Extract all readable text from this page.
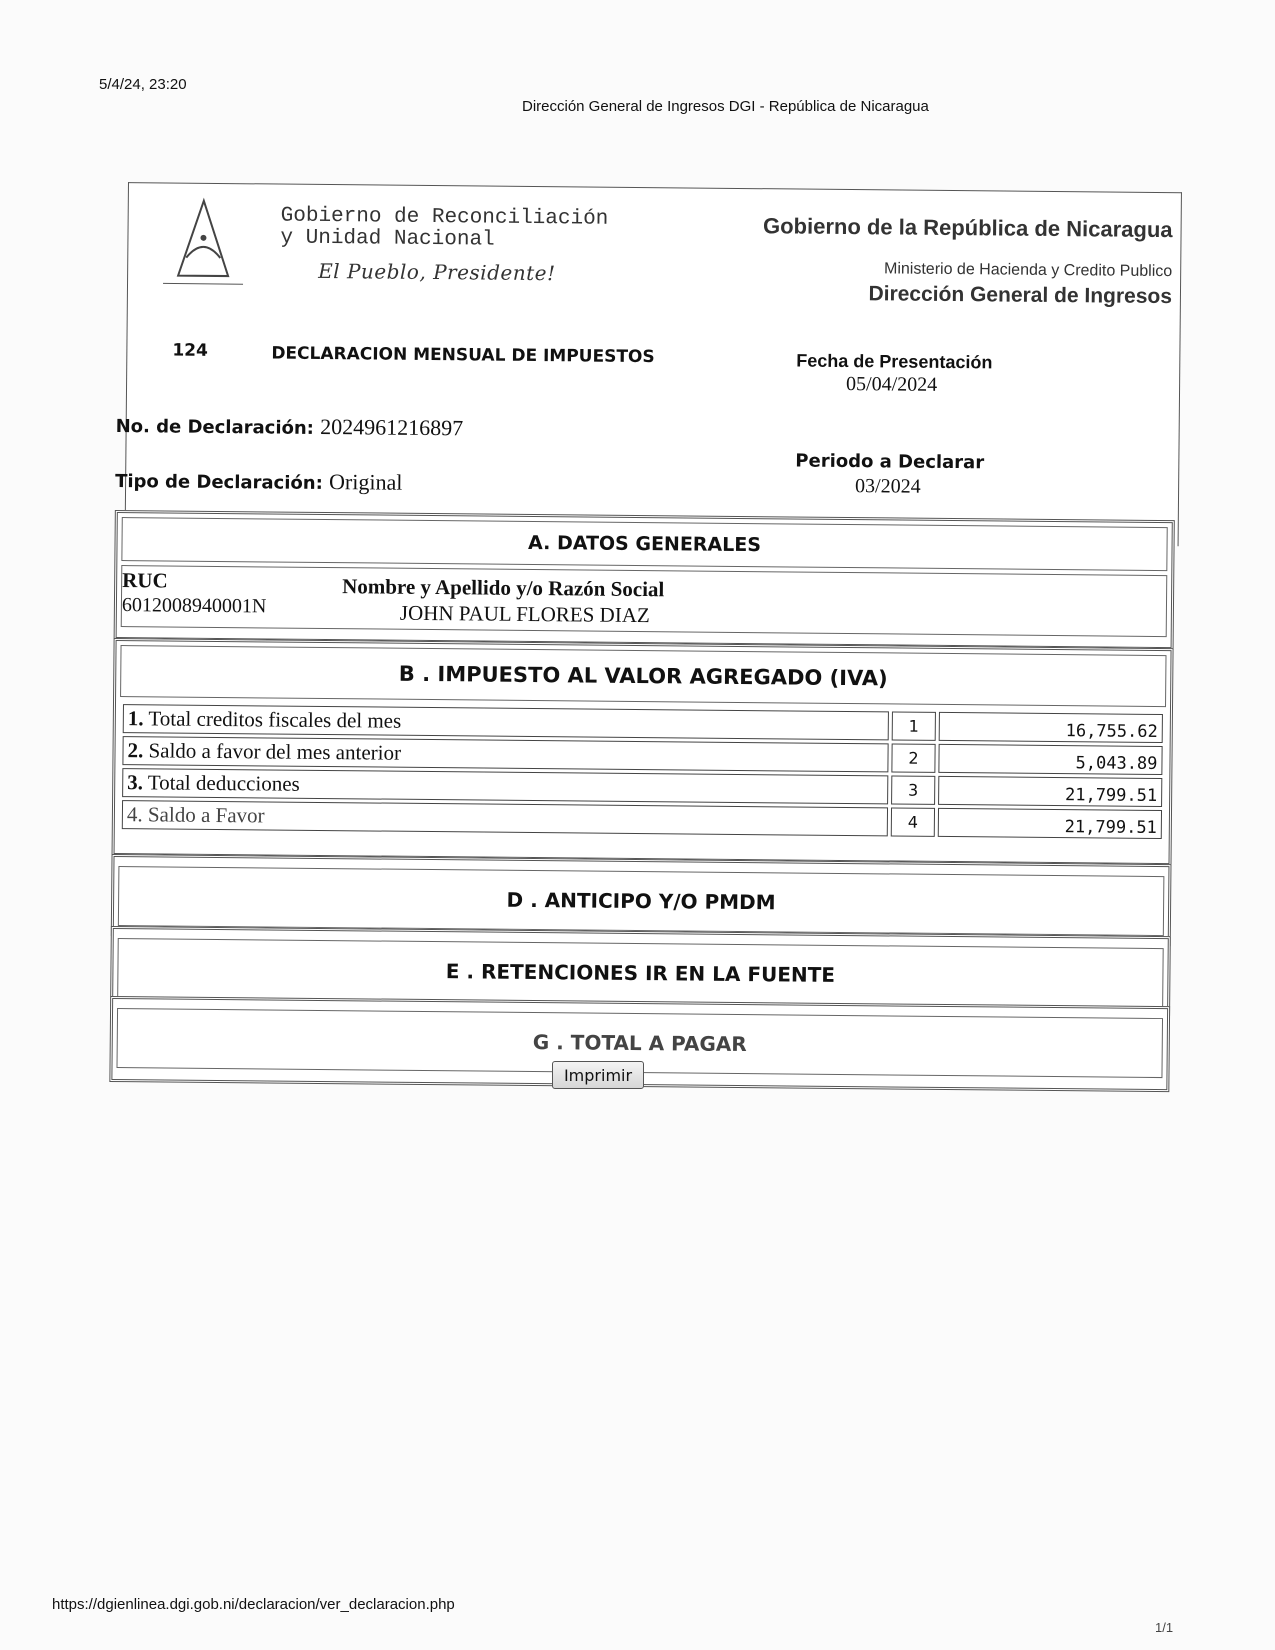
5/4/24, 23:20
Dirección General de Ingresos DGI - República de Nicaragua
Gobierno de Reconciliación
y Unidad Nacional
El Pueblo, Presidente!
Gobierno de la República de Nicaragua
Ministerio de Hacienda y Credito Publico
Dirección General de Ingresos
124	DECLARACION MENSUAL DE IMPUESTOS	Fecha de Presentación
05/04/2024
No. de Declaración: 2024961216897
Periodo a Declarar
03/2024
Tipo de Declaración: Original
A. DATOS GENERALES
RUC
6012008940001N
Nombre y Apellido y/o Razón Social
JOHN PAUL FLORES DIAZ
B . IMPUESTO AL VALOR AGREGADO (IVA)
1. Total creditos fiscales del mes	1	16,755.62
2. Saldo a favor del mes anterior	2	5,043.89
3. Total deducciones	3	21,799.51
4. Saldo a Favor	4	21,799.51
D . ANTICIPO Y/O PMDM
E . RETENCIONES IR EN LA FUENTE
G . TOTAL A PAGAR
Imprimir
https://dgienlinea.dgi.gob.ni/declaracion/ver_declaracion.php
1/1
